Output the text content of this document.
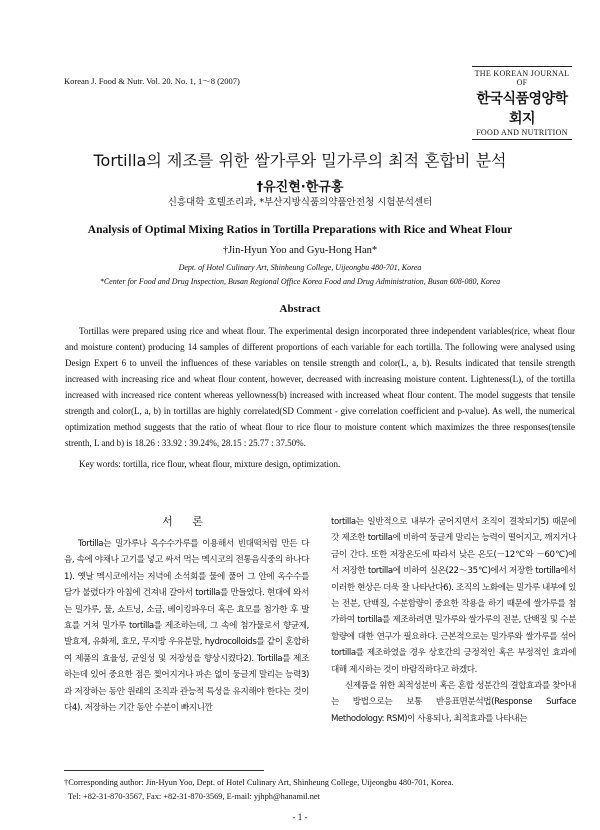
Korean J. Food & Nutr. Vol. 20. No. 1, 1～8 (2007)
THE KOREAN JOURNAL OF
한국식품영양학회지
FOOD AND NUTRITION
Tortilla의 제조를 위한 쌀가루와 밀가루의 최적 혼합비 분석
†유진현·한규홍
신흥대학 호텔조리과, *부산지방식품의약품안전청 시험분석센터
Analysis of Optimal Mixing Ratios in Tortilla Preparations with Rice and Wheat Flour
†Jin-Hyun Yoo and Gyu-Hong Han*
Dept. of Hotel Culinary Art, Shinheung College, Uijeongbu 480-701, Korea
*Center for Food and Drug Inspection, Busan Regional Office Korea Food and Drug Administration, Busan 608-080, Korea
Abstract

Tortillas were prepared using rice and wheat flour. The experimental design incorporated three independent variables(rice, wheat flour and moisture content) producing 14 samples of different proportions of each variable for each tortilla. The following were analysed using Design Expert 6 to unveil the influences of these variables on tensile strength and color(L, a, b). Results indicated that tensile strength increased with increasing rice and wheat flour content, however, decreased with increasing moisture content. Lighteness(L), of the tortilla increased with increased rice content whereas yellowness(b) increased with increased wheat flour content. The model suggests that tensile strength and color(L, a, b) in tortillas are highly correlated(SD Comment - give correlation coefficient and p-value). As well, the numerical optimization method suggests that the ratio of wheat flour to rice flour to moisture content which maximizes the three responses(tensile strenth, L and b) is 18.26 : 33.92 : 39.24%, 28.15 : 25.77 : 37.50%.

Key words: tortilla, rice flour, wheat flour, mixture design, optimization.
서 론

Tortilla는 밀가루나 옥수수가루를 이용해서 빈대떡처럼 만든 다음, 속에 야채나 고기를 넣고 싸서 먹는 멕시코의 전통음식중의 하나다1). 옛날 멕시코에서는 저녁에 소석회를 물에 풀어 그 안에 옥수수를 담가 불렸다가 아침에 건져내 갈아서 tortilla를 만들었다. 현대에 와서는 밀가루, 물, 쇼트닝, 소금, 베이킹파우더 혹은 효모를 첨가한 후 발효를 거쳐 밀가루 tortilla를 제조하는데, 그 속에 첨가물로서 향균제, 발효제, 유화제, 효모, 무지방 우유분말, hydrocolloids를 같이 혼합하여 제품의 효율성, 균일성 및 저장성을 향상시켰다2). Tortilla를 제조하는데 있어 중요한 점은 찢어지거나 파손 없이 둥글게 말리는 능력3)과 저장하는 동안 원래의 조직과 관능적 특성을 유지해야 한다는 것이다4). 저장하는 기간 동안 수분이 빠지니깐

tortilla는 일반적으로 내부가 굳어지면서 조직이 결착되기5) 때문에 갓 제조한 tortilla에 비하여 둥글게 말리는 능력이 떨어지고, 깨지거나 금이 간다. 또한 저장온도에 따라서 낮은 온도(－12℃와 －60℃)에서 저장한 tortilla에 비하여 실온(22～35℃)에서 저장한 tortilla에서 이러한 현상은 더욱 잘 나타난다6). 조직의 노화에는 밀가루 내부에 있는 전분, 단백질, 수분함량이 중요한 작용을 하기 때문에 쌀가루를 첨가하여 tortilla를 제조하려면 밀가루와 쌀가루의 전분, 단백질 및 수분함량에 대한 연구가 필요하다. 근본적으로는 밀가루와 쌀가루를 섞어 tortilla를 제조하였을 경우 상호간의 긍정적인 혹은 부정적인 효과에 대해 제시하는 것이 바람직하다고 하겠다.

신제품을 위한 최적성분비 혹은 혼합 성분간의 결합효과를 찾아내는 방법으로는 보통 반응표면분석법(Response Surface Methodology: RSM)이 사용되나, 최적효과를 나타내는

†Corresponding author: Jin-Hyun Yoo, Dept. of Hotel Culinary Art, Shinheung College, Uijeongbu 480-701, Korea.
Tel: +82-31-870-3567, Fax: +82-31-870-3569, E-mail: yjhph@hanamil.net
- 1 -
